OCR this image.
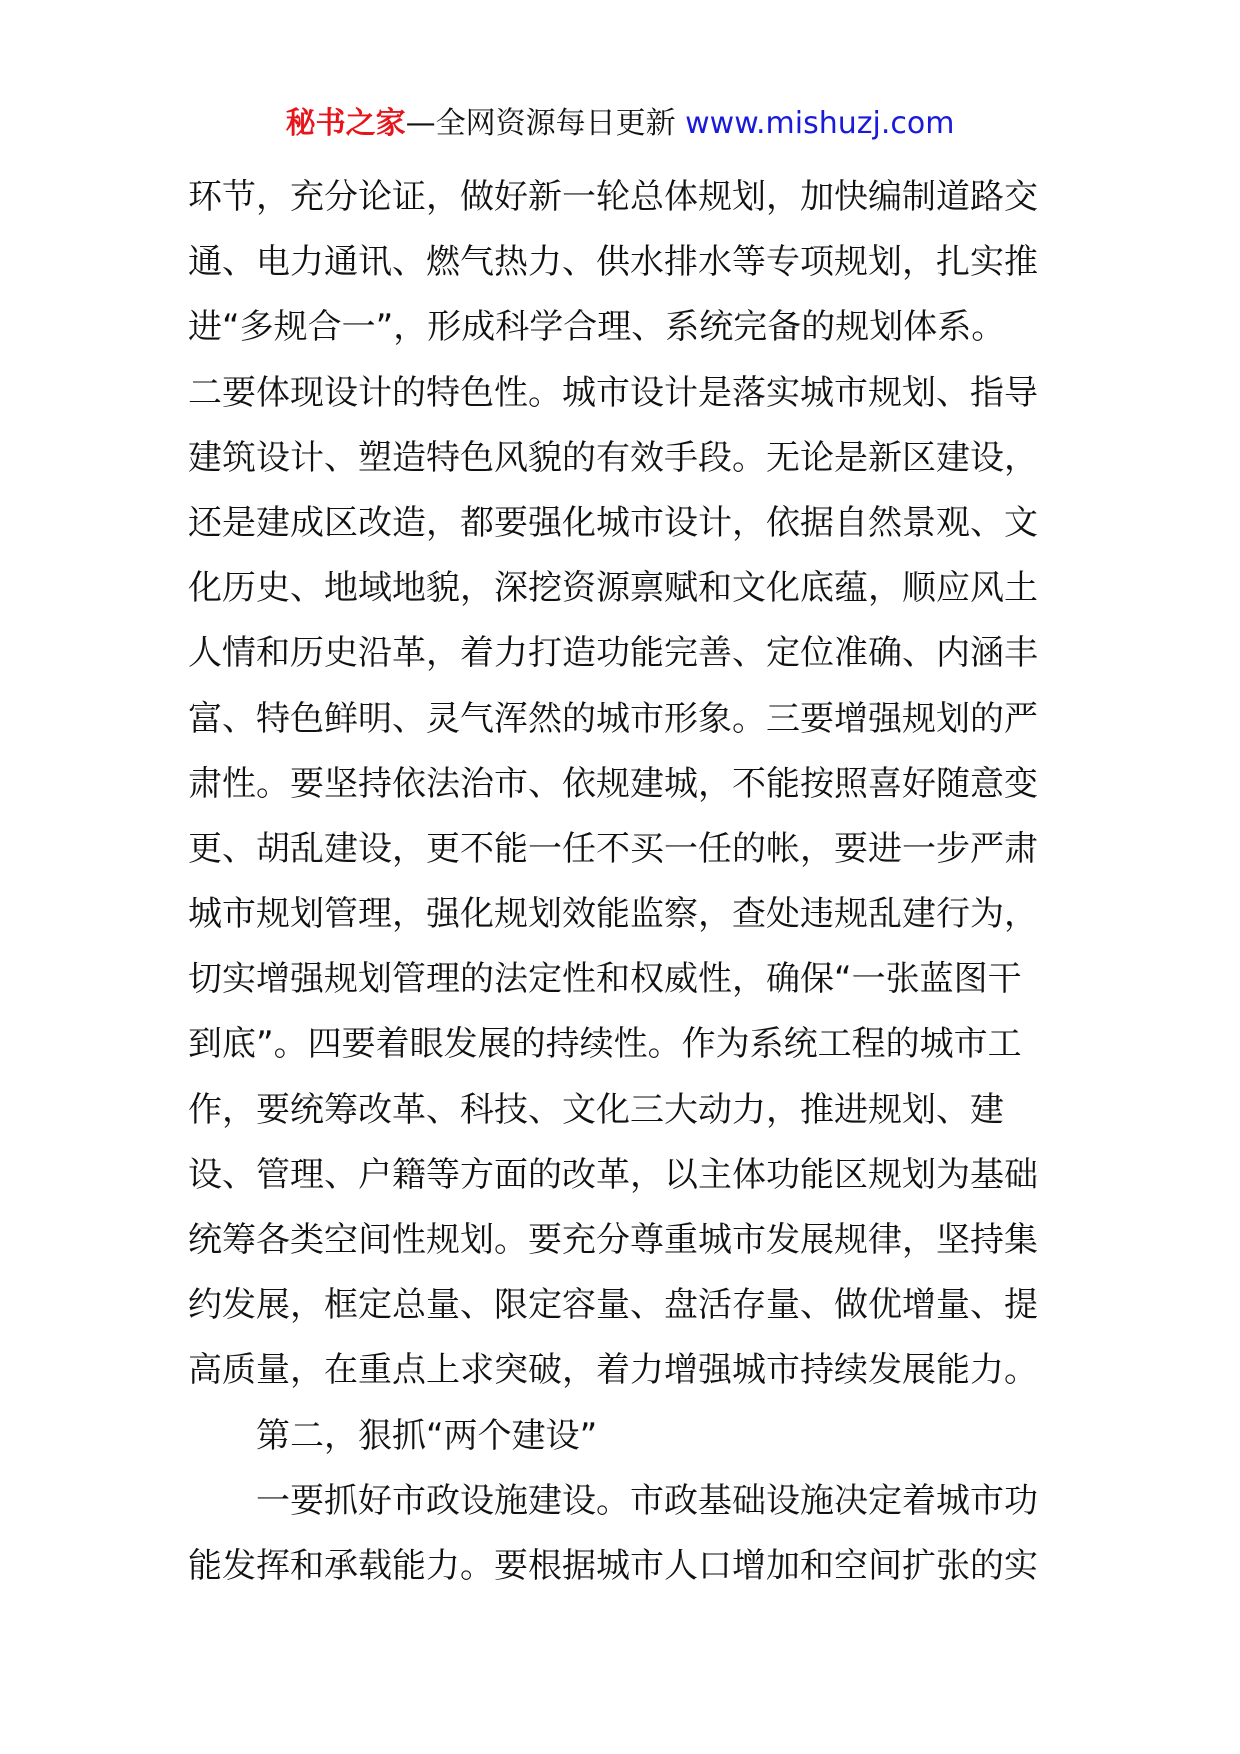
秘书之家—全网资源每日更新 www.mishuzj.com
环节，充分论证，做好新一轮总体规划，加快编制道路交
通、电力通讯、燃气热力、供水排水等专项规划，扎实推
进“多规合一”，形成科学合理、系统完备的规划体系。
二要体现设计的特色性。城市设计是落实城市规划、指导
建筑设计、塑造特色风貌的有效手段。无论是新区建设，
还是建成区改造，都要强化城市设计，依据自然景观、文
化历史、地域地貌，深挖资源禀赋和文化底蕴，顺应风土
人情和历史沿革，着力打造功能完善、定位准确、内涵丰
富、特色鲜明、灵气浑然的城市形象。三要增强规划的严
肃性。要坚持依法治市、依规建城，不能按照喜好随意变
更、胡乱建设，更不能一任不买一任的帐，要进一步严肃
城市规划管理，强化规划效能监察，查处违规乱建行为，
切实增强规划管理的法定性和权威性，确保“一张蓝图干
到底”。四要着眼发展的持续性。作为系统工程的城市工
作，要统筹改革、科技、文化三大动力，推进规划、建
设、管理、户籍等方面的改革，以主体功能区规划为基础
统筹各类空间性规划。要充分尊重城市发展规律，坚持集
约发展，框定总量、限定容量、盘活存量、做优增量、提
高质量，在重点上求突破，着力增强城市持续发展能力。
第二，狠抓“两个建设”
一要抓好市政设施建设。市政基础设施决定着城市功
能发挥和承载能力。要根据城市人口增加和空间扩张的实
